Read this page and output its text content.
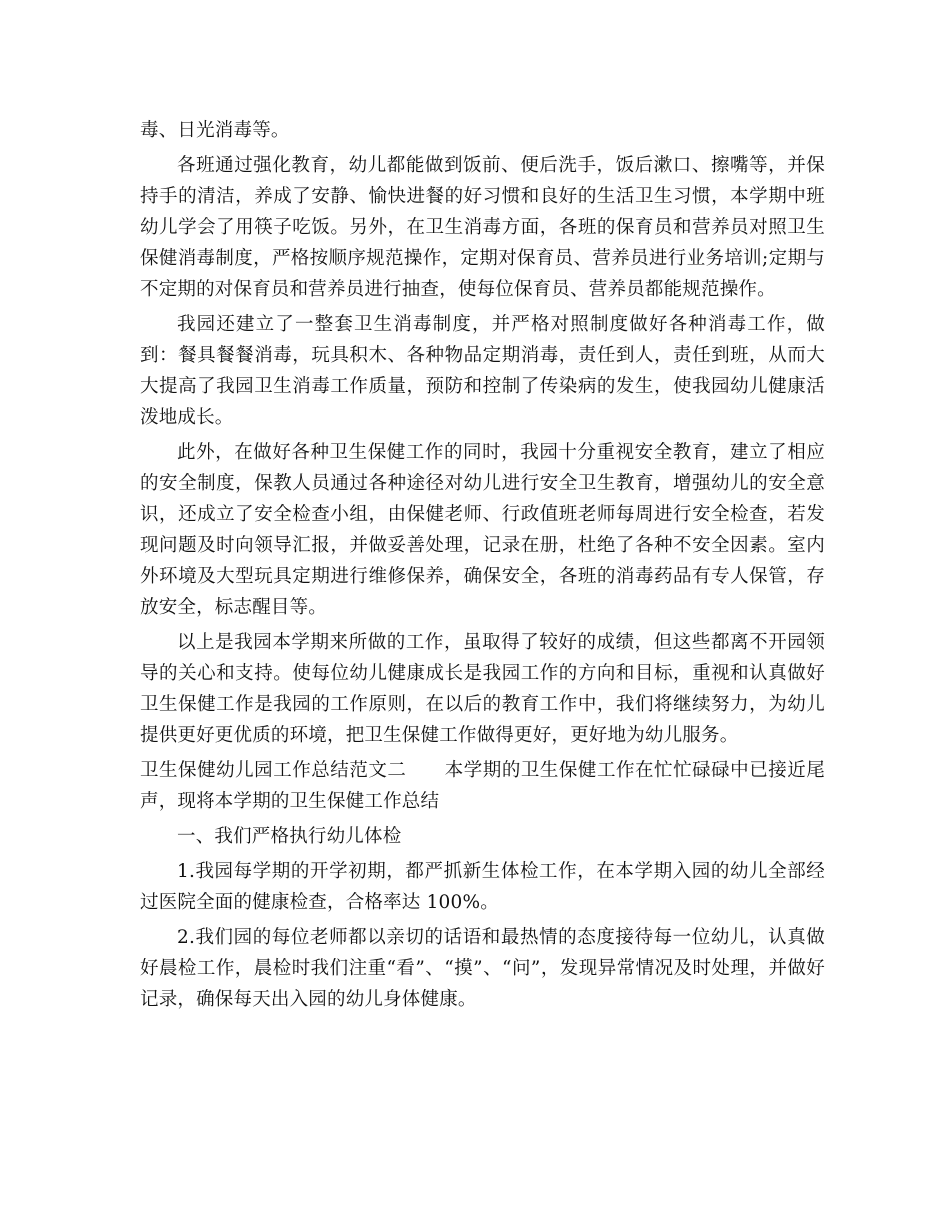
毒、日光消毒等。

各班通过强化教育，幼儿都能做到饭前、便后洗手，饭后漱口、擦嘴等，并保持手的清洁，养成了安静、愉快进餐的好习惯和良好的生活卫生习惯，本学期中班幼儿学会了用筷子吃饭。另外，在卫生消毒方面，各班的保育员和营养员对照卫生保健消毒制度，严格按顺序规范操作，定期对保育员、营养员进行业务培训;定期与不定期的对保育员和营养员进行抽查，使每位保育员、营养员都能规范操作。

我园还建立了一整套卫生消毒制度，并严格对照制度做好各种消毒工作，做到：餐具餐餐消毒，玩具积木、各种物品定期消毒，责任到人，责任到班，从而大大提高了我园卫生消毒工作质量，预防和控制了传染病的发生，使我园幼儿健康活泼地成长。

此外，在做好各种卫生保健工作的同时，我园十分重视安全教育，建立了相应的安全制度，保教人员通过各种途径对幼儿进行安全卫生教育，增强幼儿的安全意识，还成立了安全检查小组，由保健老师、行政值班老师每周进行安全检查，若发现问题及时向领导汇报，并做妥善处理，记录在册，杜绝了各种不安全因素。室内外环境及大型玩具定期进行维修保养，确保安全，各班的消毒药品有专人保管，存放安全，标志醒目等。

以上是我园本学期来所做的工作，虽取得了较好的成绩，但这些都离不开园领导的关心和支持。使每位幼儿健康成长是我园工作的方向和目标，重视和认真做好卫生保健工作是我园的工作原则，在以后的教育工作中，我们将继续努力，为幼儿提供更好更优质的环境，把卫生保健工作做得更好，更好地为幼儿服务。

卫生保健幼儿园工作总结范文二 本学期的卫生保健工作在忙忙碌碌中已接近尾声，现将本学期的卫生保健工作总结

一、我们严格执行幼儿体检

1.我园每学期的开学初期，都严抓新生体检工作，在本学期入园的幼儿全部经过医院全面的健康检查，合格率达 100%。

2.我们园的每位老师都以亲切的话语和最热情的态度接待每一位幼儿，认真做好晨检工作，晨检时我们注重“看”、“摸”、“问”，发现异常情况及时处理，并做好记录，确保每天出入园的幼儿身体健康。
